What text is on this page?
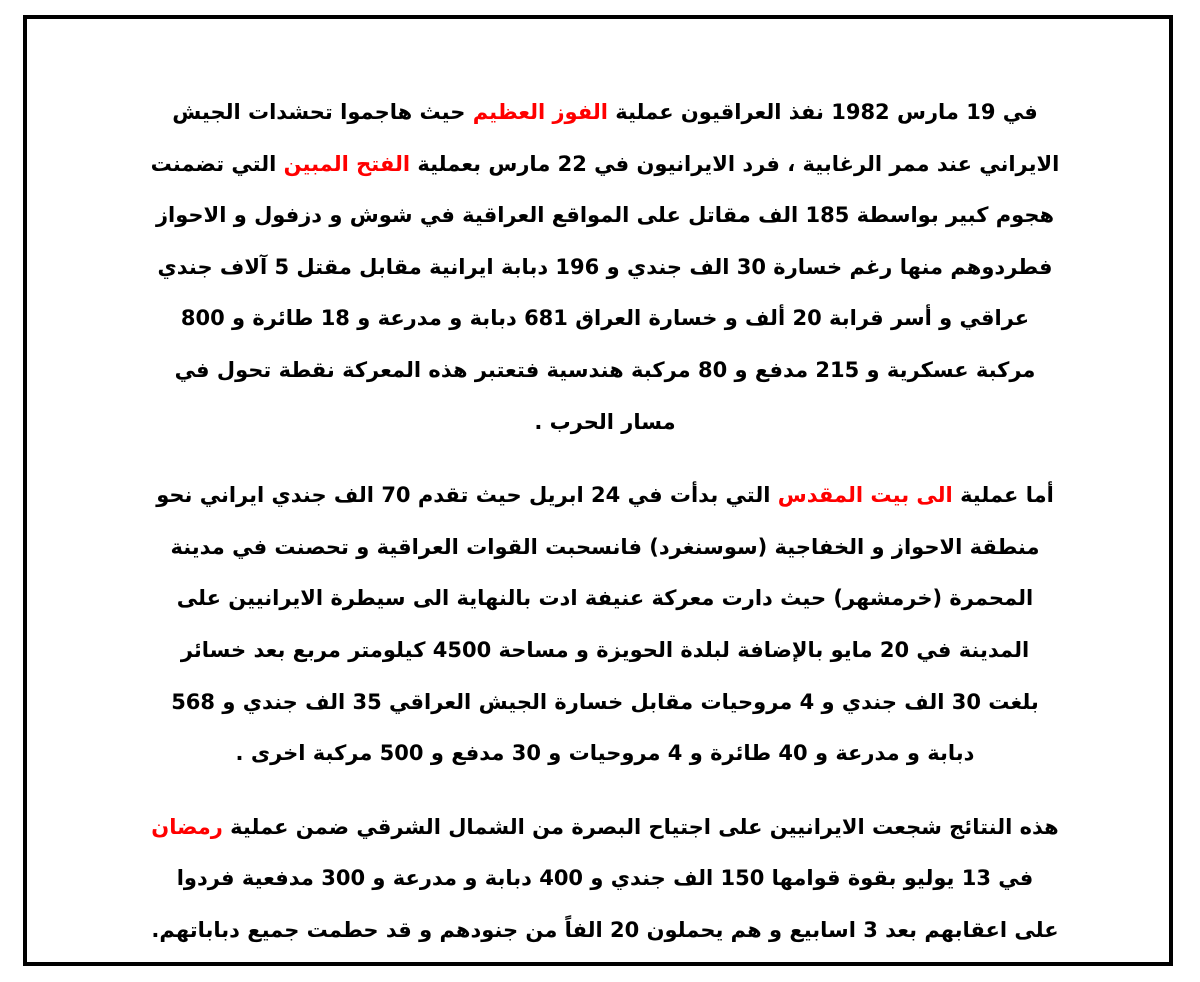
في 19 مارس 1982 نفذ العراقيون عملية الفوز العظيم حيث هاجموا تحشدات الجيش
الايراني عند ممر الرغابية ، فرد الايرانيون في 22 مارس بعملية الفتح المبين التي تضمنت
هجوم كبير بواسطة 185 الف مقاتل على المواقع العراقية في شوش و دزفول و الاحواز
فطردوهم منها رغم خسارة 30 الف جندي و 196 دبابة ايرانية مقابل مقتل 5 آلاف جندي
عراقي و أسر قرابة 20 ألف و خسارة العراق 681 دبابة و مدرعة و 18 طائرة و 800
مركبة عسكرية و 215 مدفع و 80 مركبة هندسية فتعتبر هذه المعركة نقطة تحول في
مسار الحرب .

أما عملية الى بيت المقدس التي بدأت في 24 ابريل حيث تقدم 70 الف جندي ايراني نحو
منطقة الاحواز و الخفاجية (سوسنغرد) فانسحبت القوات العراقية و تحصنت في مدينة
المحمرة (خرمشهر) حيث دارت معركة عنيفة ادت بالنهاية الى سيطرة الايرانيين على
المدينة في 20 مايو بالإضافة لبلدة الحويزة و مساحة 4500 كيلومتر مربع بعد خسائر
بلغت 30 الف جندي و 4 مروحيات مقابل خسارة الجيش العراقي 35 الف جندي و 568
دبابة و مدرعة و 40 طائرة و 4 مروحيات و 30 مدفع و 500 مركبة اخرى .

هذه النتائج شجعت الايرانيين على اجتياح البصرة من الشمال الشرقي ضمن عملية رمضان
في 13 يوليو بقوة قوامها 150 الف جندي و 400 دبابة و مدرعة و 300 مدفعية فردوا
على اعقابهم بعد 3 اسابيع و هم يحملون 20 الفاً من جنودهم و قد حطمت جميع دباباتهم.
